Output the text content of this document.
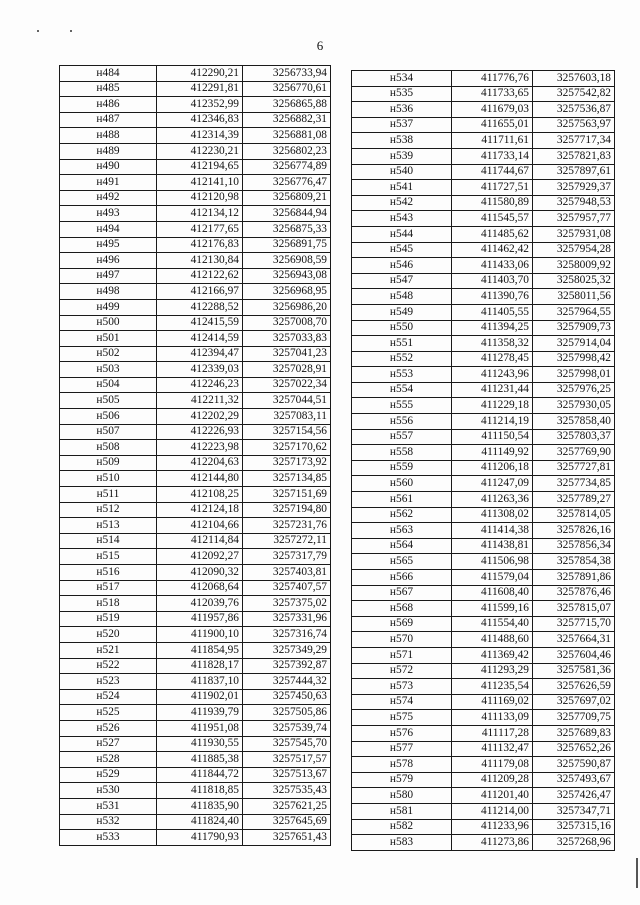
6
н484	412290,21	3256733,94
н485	412291,81	3256770,61
н486	412352,99	3256865,88
н487	412346,83	3256882,31
н488	412314,39	3256881,08
н489	412230,21	3256802,23
н490	412194,65	3256774,89
н491	412141,10	3256776,47
н492	412120,98	3256809,21
н493	412134,12	3256844,94
н494	412177,65	3256875,33
н495	412176,83	3256891,75
н496	412130,84	3256908,59
н497	412122,62	3256943,08
н498	412166,97	3256968,95
н499	412288,52	3256986,20
н500	412415,59	3257008,70
н501	412414,59	3257033,83
н502	412394,47	3257041,23
н503	412339,03	3257028,91
н504	412246,23	3257022,34
н505	412211,32	3257044,51
н506	412202,29	3257083,11
н507	412226,93	3257154,56
н508	412223,98	3257170,62
н509	412204,63	3257173,92
н510	412144,80	3257134,85
н511	412108,25	3257151,69
н512	412124,18	3257194,80
н513	412104,66	3257231,76
н514	412114,84	3257272,11
н515	412092,27	3257317,79
н516	412090,32	3257403,81
н517	412068,64	3257407,57
н518	412039,76	3257375,02
н519	411957,86	3257331,96
н520	411900,10	3257316,74
н521	411854,95	3257349,29
н522	411828,17	3257392,87
н523	411837,10	3257444,32
н524	411902,01	3257450,63
н525	411939,79	3257505,86
н526	411951,08	3257539,74
н527	411930,55	3257545,70
н528	411885,38	3257517,57
н529	411844,72	3257513,67
н530	411818,85	3257535,43
н531	411835,90	3257621,25
н532	411824,40	3257645,69
н533	411790,93	3257651,43
н534	411776,76	3257603,18
н535	411733,65	3257542,82
н536	411679,03	3257536,87
н537	411655,01	3257563,97
н538	411711,61	3257717,34
н539	411733,14	3257821,83
н540	411744,67	3257897,61
н541	411727,51	3257929,37
н542	411580,89	3257948,53
н543	411545,57	3257957,77
н544	411485,62	3257931,08
н545	411462,42	3257954,28
н546	411433,06	3258009,92
н547	411403,70	3258025,32
н548	411390,76	3258011,56
н549	411405,55	3257964,55
н550	411394,25	3257909,73
н551	411358,32	3257914,04
н552	411278,45	3257998,42
н553	411243,96	3257998,01
н554	411231,44	3257976,25
н555	411229,18	3257930,05
н556	411214,19	3257858,40
н557	411150,54	3257803,37
н558	411149,92	3257769,90
н559	411206,18	3257727,81
н560	411247,09	3257734,85
н561	411263,36	3257789,27
н562	411308,02	3257814,05
н563	411414,38	3257826,16
н564	411438,81	3257856,34
н565	411506,98	3257854,38
н566	411579,04	3257891,86
н567	411608,40	3257876,46
н568	411599,16	3257815,07
н569	411554,40	3257715,70
н570	411488,60	3257664,31
н571	411369,42	3257604,46
н572	411293,29	3257581,36
н573	411235,54	3257626,59
н574	411169,02	3257697,02
н575	411133,09	3257709,75
н576	411117,28	3257689,83
н577	411132,47	3257652,26
н578	411179,08	3257590,87
н579	411209,28	3257493,67
н580	411201,40	3257426,47
н581	411214,00	3257347,71
н582	411233,96	3257315,16
н583	411273,86	3257268,96
